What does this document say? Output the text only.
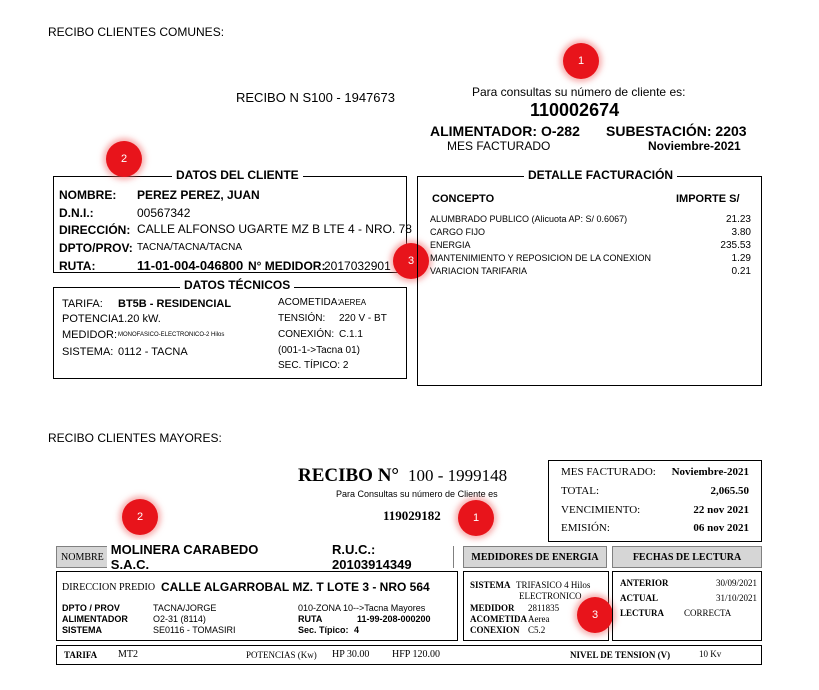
RECIBO CLIENTES COMUNES:
RECIBO N S100 - 1947673
1
Para consultas su número de cliente es:
110002674
ALIMENTADOR: O-282 SUBESTACIÓN: 2203
MES FACTURADO	Noviembre-2021
DATOS DEL CLIENTE
2
NOMBRE: PEREZ PEREZ, JUAN
D.N.I.:	00567342
DIRECCIÓN: CALLE ALFONSO UGARTE MZ B LTE 4 - NRO. 78
DPTO/PROV: TACNA/TACNA/TACNA
RUTA:	11-01-004-046800 N° MEDIDOR:
2017032901	3
DATOS TÉCNICOS
TARIFA: BT5B - RESIDENCIAL
POTENCIA:
1.20 kW.
MEDIDOR: MONOFASICO-ELECTRONICO-2 Hilos
SISTEMA: 0112 - TACNA
ACOMETIDA:
AEREA
TENSIÓN: 220 V - BT
CONEXIÓN: C.1.1
(001-1->Tacna 01)
SEC. TÍPICO: 2
DETALLE FACTURACIÓN
CONCEPTO	IMPORTE S/
ALUMBRADO PUBLICO (Alicuota AP: S/ 0.6067)	21.23
CARGO FIJO	3.80
ENERGIA	235.53
MANTENIMIENTO Y REPOSICION DE LA CONEXION	1.29
VARIACION TARIFARIA	0.21
RECIBO CLIENTES MAYORES:
RECIBO N° 100 - 1999148
Para Consultas su número de Cliente es
119029182	1
2
MES FACTURADO: Noviembre-2021
TOTAL:	2,065.50
VENCIMIENTO:	22 nov 2021
EMISIÓN:	06 nov 2021
NOMBRE MOLINERA CARABEDO S.A.C.
R.U.C.: 20103914349	MEDIDORES DE ENERGIA	FECHAS DE LECTURA
DIRECCION PREDIO CALLE ALGARROBAL MZ. T LOTE 3 - NRO 564
DPTO / PROV	TACNA/JORGE
ALIMENTADOR	O2-31 (8114)
SISTEMA	SE0116 - TOMASIRI
010-ZONA 10-->Tacna Mayores
RUTA	11-99-208-000200
Sec. Típico: 4
SISTEMA TRIFASICO 4 Hilos
ELECTRONICO
MEDIDOR 2811835
ACOMETIDA Aerea
CONEXION C5.2
3
ANTERIOR	30/09/2021
ACTUAL	31/10/2021
LECTURA CORRECTA
TARIFA MT2	POTENCIAS (Kw) HP 30.00 HFP 120.00	NIVEL DE TENSION (V)	10 Kv
